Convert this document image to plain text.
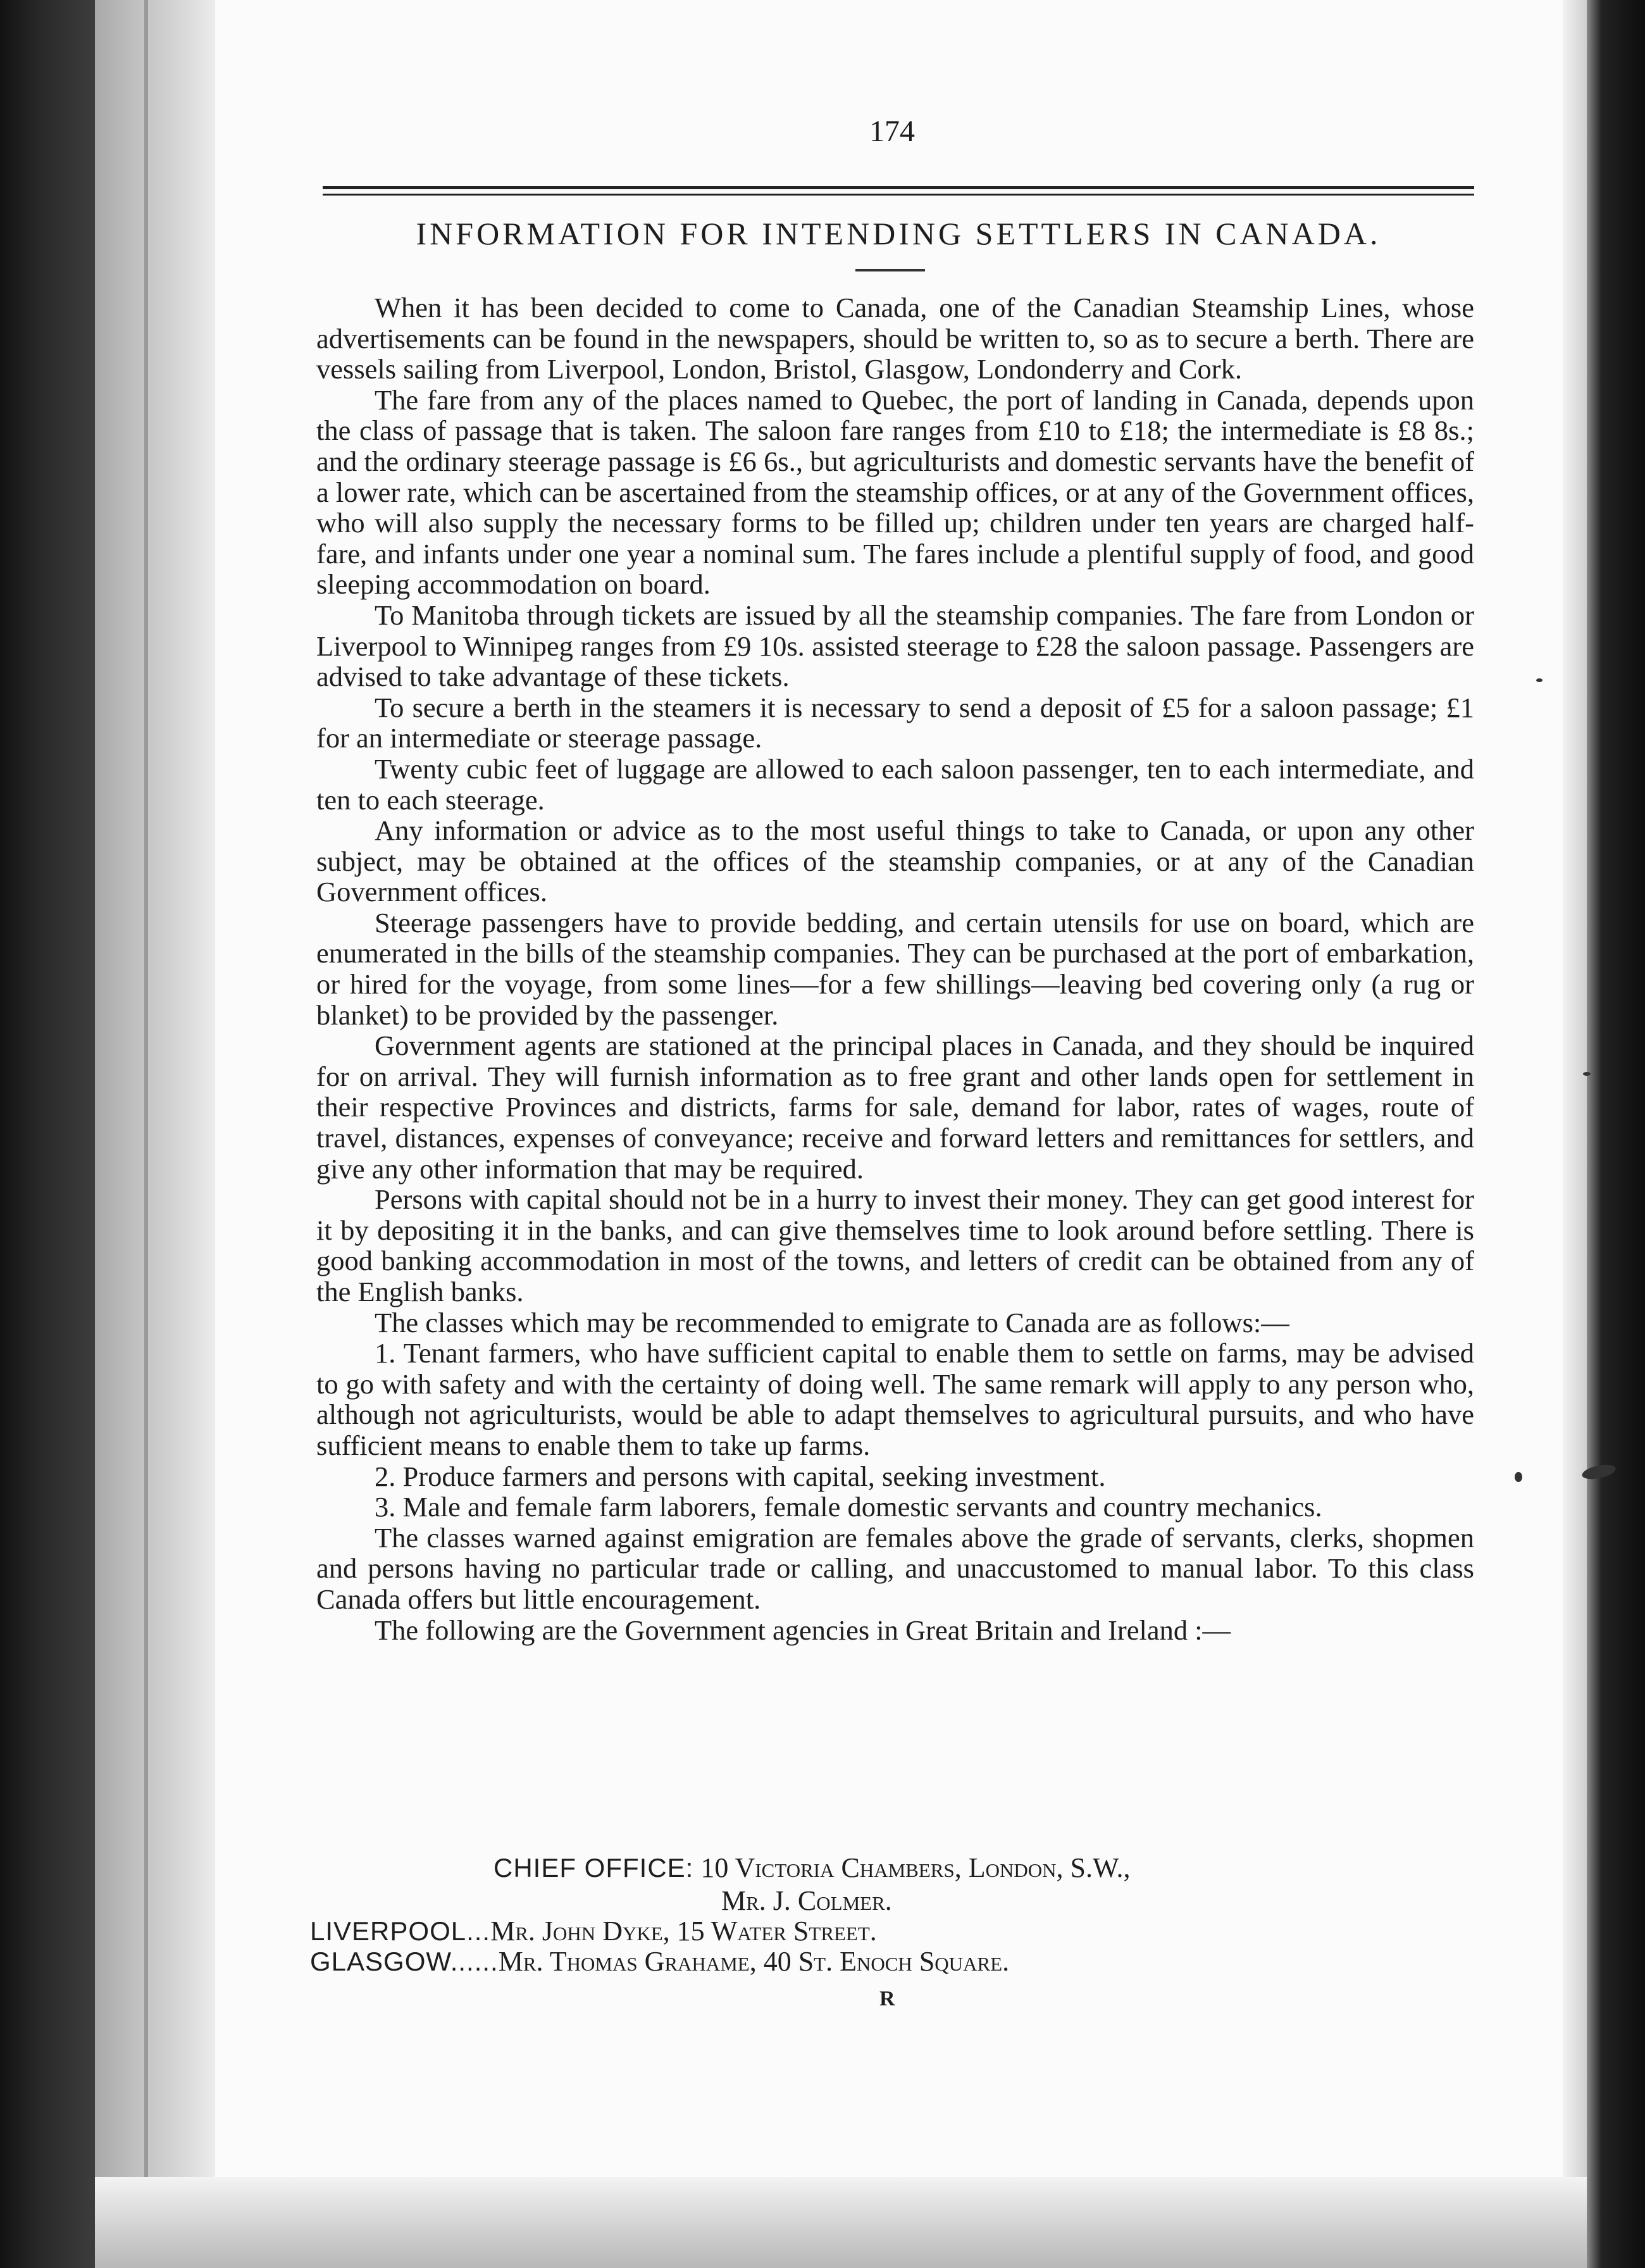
174
INFORMATION FOR INTENDING SETTLERS IN CANADA.

When it has been decided to come to Canada, one of the Canadian Steamship Lines, whose advertisements can be found in the newspapers, should be written to, so as to secure a berth. There are vessels sailing from Liverpool, London, Bristol, Glasgow, Londonderry and Cork.

The fare from any of the places named to Quebec, the port of landing in Canada, depends upon the class of passage that is taken. The saloon fare ranges from £10 to £18; the intermediate is £8 8s.; and the ordinary steerage passage is £6 6s., but agriculturists and domestic servants have the benefit of a lower rate, which can be ascertained from the steamship offices, or at any of the Government offices, who will also supply the necessary forms to be filled up; children under ten years are charged half-fare, and infants under one year a nominal sum. The fares include a plentiful supply of food, and good sleeping accommodation on board.

To Manitoba through tickets are issued by all the steamship companies. The fare from London or Liverpool to Winnipeg ranges from £9 10s. assisted steerage to £28 the saloon passage. Passengers are advised to take advantage of these tickets.

To secure a berth in the steamers it is necessary to send a deposit of £5 for a saloon passage; £1 for an intermediate or steerage passage.

Twenty cubic feet of luggage are allowed to each saloon passenger, ten to each intermediate, and ten to each steerage.

Any information or advice as to the most useful things to take to Canada, or upon any other subject, may be obtained at the offices of the steamship companies, or at any of the Canadian Government offices.

Steerage passengers have to provide bedding, and certain utensils for use on board, which are enumerated in the bills of the steamship companies. They can be purchased at the port of embarkation, or hired for the voyage, from some lines—for a few shillings—leaving bed covering only (a rug or blanket) to be provided by the passenger.

Government agents are stationed at the principal places in Canada, and they should be inquired for on arrival. They will furnish information as to free grant and other lands open for settlement in their respective Provinces and districts, farms for sale, demand for labor, rates of wages, route of travel, distances, expenses of conveyance; receive and forward letters and remittances for settlers, and give any other information that may be required.

Persons with capital should not be in a hurry to invest their money. They can get good interest for it by depositing it in the banks, and can give themselves time to look around before settling. There is good banking accommodation in most of the towns, and letters of credit can be obtained from any of the English banks.

The classes which may be recommended to emigrate to Canada are as follows:—

1. Tenant farmers, who have sufficient capital to enable them to settle on farms, may be advised to go with safety and with the certainty of doing well. The same remark will apply to any person who, although not agriculturists, would be able to adapt themselves to agricultural pursuits, and who have sufficient means to enable them to take up farms.

2. Produce farmers and persons with capital, seeking investment.

3. Male and female farm laborers, female domestic servants and country mechanics.

The classes warned against emigration are females above the grade of servants, clerks, shopmen and persons having no particular trade or calling, and unaccustomed to manual labor. To this class Canada offers but little encouragement.

The following are the Government agencies in Great Britain and Ireland :—

CHIEF OFFICE: 10 Victoria Chambers, London, S.W.,
Mr. J. Colmer.
LIVERPOOL...Mr. John Dyke, 15 Water Street.
GLASGOW......Mr. Thomas Grahame, 40 St. Enoch Square.
R
